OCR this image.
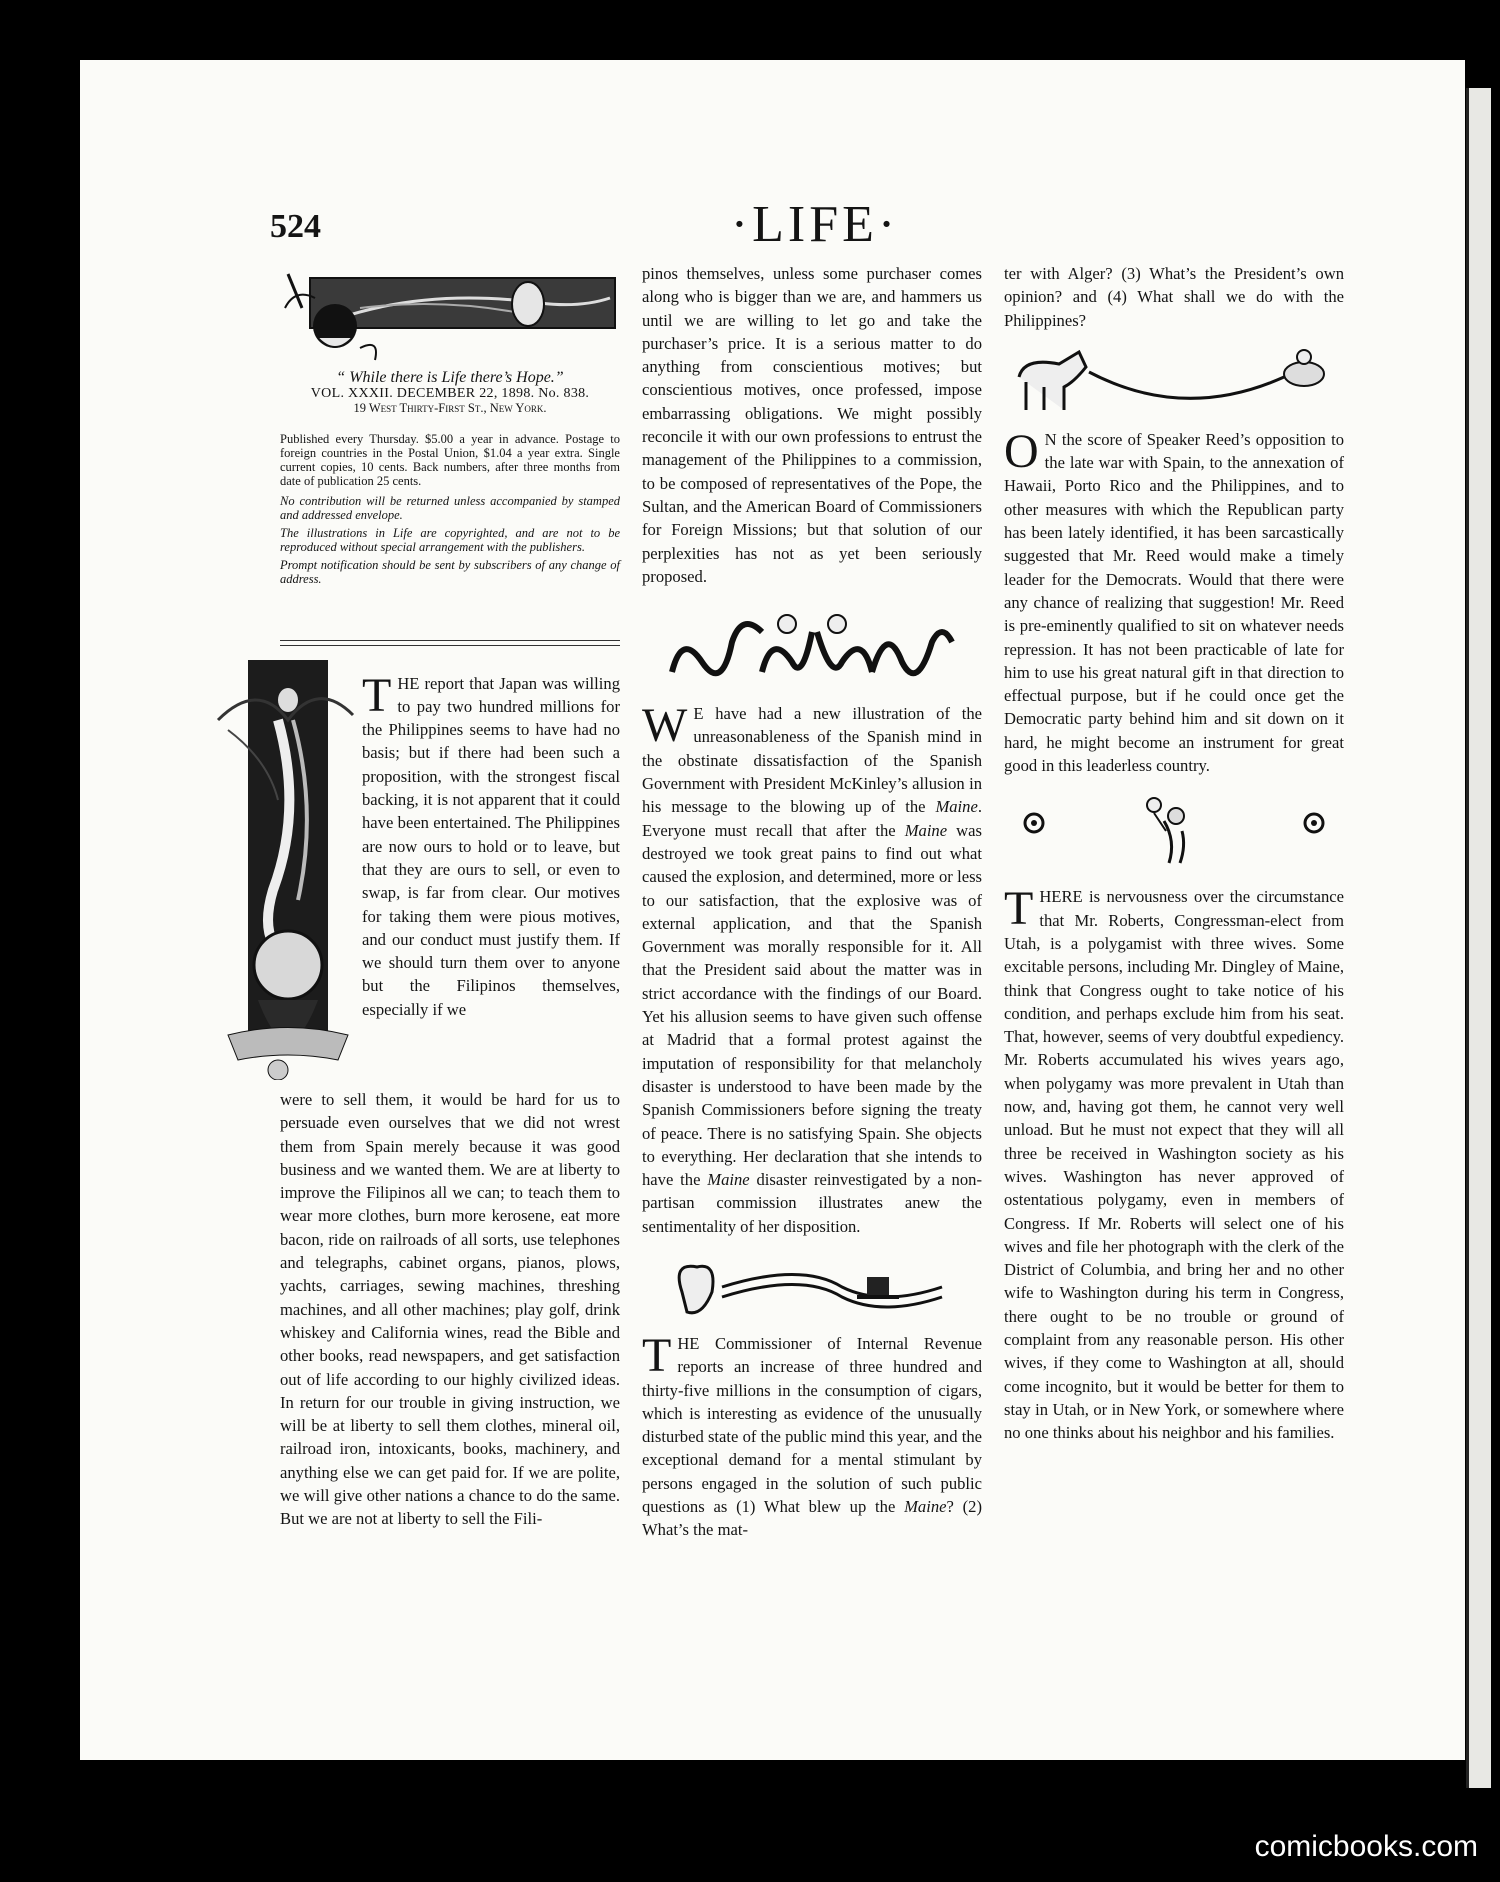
524	·LIFE·
“ While there is Life there’s Hope.”
VOL. XXXII. DECEMBER 22, 1898. No. 838.
19 West Thirty-First St., New York.

Published every Thursday. $5.00 a year in advance. Postage to foreign countries in the Postal Union, $1.04 a year extra. Single current copies, 10 cents. Back numbers, after three months from date of publication 25 cents.

No contribution will be returned unless accompanied by stamped and addressed envelope.

The illustrations in Life are copyrighted, and are not to be reproduced without special arrangement with the publishers.

Prompt notification should be sent by subscribers of any change of address.

THE report that Japan was willing to pay two hundred millions for the Philippines seems to have had no basis; but if there had been such a proposition, with the strongest fiscal backing, it is not apparent that it could have been entertained. The Philippines are now ours to hold or to leave, but that they are ours to sell, or even to swap, is far from clear. Our motives for taking them were pious motives, and our conduct must justify them. If we should turn them over to anyone but the Filipinos themselves, especially if we

were to sell them, it would be hard for us to persuade even ourselves that we did not wrest them from Spain merely because it was good business and we wanted them. We are at liberty to improve the Filipinos all we can; to teach them to wear more clothes, burn more kerosene, eat more bacon, ride on railroads of all sorts, use telephones and telegraphs, cabinet organs, pianos, plows, yachts, carriages, sewing machines, threshing machines, and all other machines; play golf, drink whiskey and California wines, read the Bible and other books, read newspapers, and get satisfaction out of life according to our highly civilized ideas. In return for our trouble in giving instruction, we will be at liberty to sell them clothes, mineral oil, railroad iron, intoxicants, books, machinery, and anything else we can get paid for. If we are polite, we will give other nations a chance to do the same. But we are not at liberty to sell the Fili-

pinos themselves, unless some purchaser comes along who is bigger than we are, and hammers us until we are willing to let go and take the purchaser’s price. It is a serious matter to do anything from conscientious motives; but conscientious motives, once professed, impose embarrassing obligations. We might possibly reconcile it with our own professions to entrust the management of the Philippines to a commission, to be composed of representatives of the Pope, the Sultan, and the American Board of Commissioners for Foreign Missions; but that solution of our perplexities has not as yet been seriously proposed.

W E have had a new illustration of the unreasonableness of the Spanish mind in the obstinate dissatisfaction of the Spanish Government with President McKinley’s allusion in his message to the blowing up of the Maine. Everyone must recall that after the Maine was destroyed we took great pains to find out what caused the explosion, and determined, more or less to our satisfaction, that the explosive was of external application, and that the Spanish Government was morally responsible for it. All that the President said about the matter was in strict accordance with the findings of our Board. Yet his allusion seems to have given such offense at Madrid that a formal protest against the imputation of responsibility for that melancholy disaster is understood to have been made by the Spanish Commissioners before signing the treaty of peace. There is no satisfying Spain. She objects to everything. Her declaration that she intends to have the Maine disaster reinvestigated by a non-partisan commission illustrates anew the sentimentality of her disposition.

THE Commissioner of Internal Revenue reports an increase of three hundred and thirty-five millions in the consumption of cigars, which is interesting as evidence of the unusually disturbed state of the public mind this year, and the exceptional demand for a mental stimulant by persons engaged in the solution of such public questions as (1) What blew up the Maine? (2) What’s the mat-

ter with Alger? (3) What’s the President’s own opinion? and (4) What shall we do with the Philippines?

O N the score of Speaker Reed’s opposition to the late war with Spain, to the annexation of Hawaii, Porto Rico and the Philippines, and to other measures with which the Republican party has been lately identified, it has been sarcastically suggested that Mr. Reed would make a timely leader for the Democrats. Would that there were any chance of realizing that suggestion! Mr. Reed is pre-eminently qualified to sit on whatever needs repression. It has not been practicable of late for him to use his great natural gift in that direction to effectual purpose, but if he could once get the Democratic party behind him and sit down on it hard, he might become an instrument for great good in this leaderless country.

THERE is nervousness over the circumstance that Mr. Roberts, Congressman-elect from Utah, is a polygamist with three wives. Some excitable persons, including Mr. Dingley of Maine, think that Congress ought to take notice of his condition, and perhaps exclude him from his seat. That, however, seems of very doubtful expediency. Mr. Roberts accumulated his wives years ago, when polygamy was more prevalent in Utah than now, and, having got them, he cannot very well unload. But he must not expect that they will all three be received in Washington society as his wives. Washington has never approved of ostentatious polygamy, even in members of Congress. If Mr. Roberts will select one of his wives and file her photograph with the clerk of the District of Columbia, and bring her and no other wife to Washington during his term in Congress, there ought to be no trouble or ground of complaint from any reasonable person. His other wives, if they come to Washington at all, should come incognito, but it would be better for them to stay in Utah, or in New York, or somewhere where no one thinks about his neighbor and his families.

comicbooks.com
